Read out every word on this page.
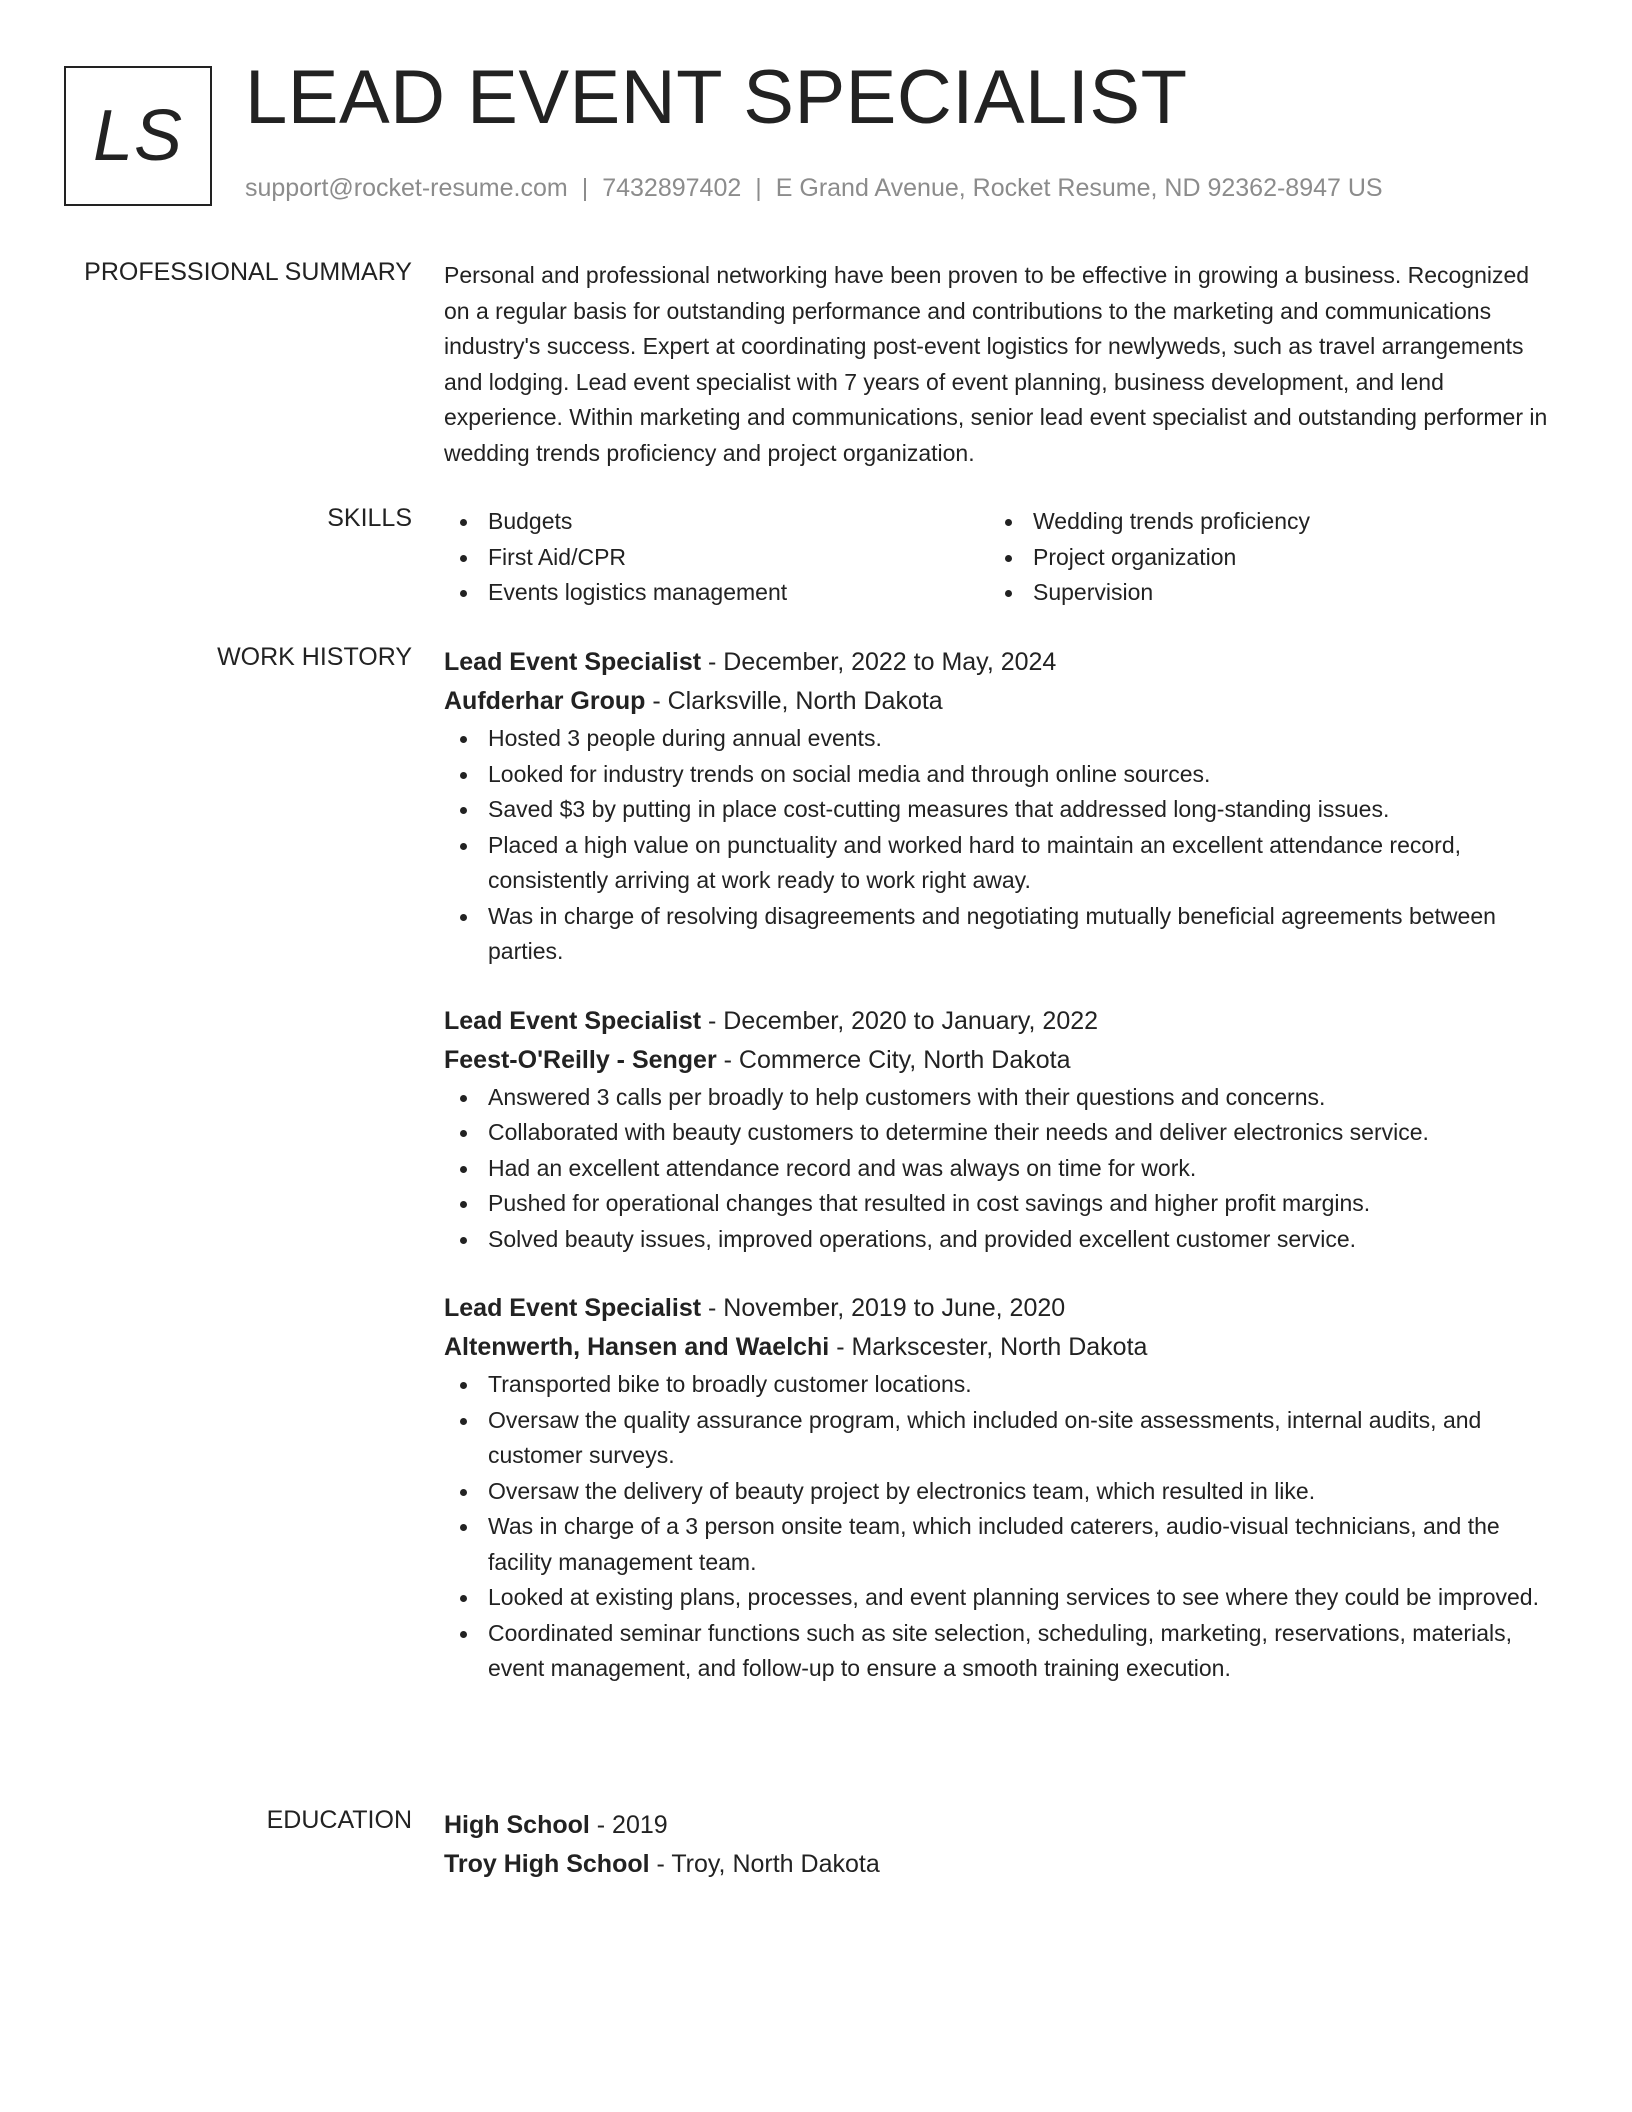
LS LEAD EVENT SPECIALIST
support@rocket-resume.com | 7432897402 | E Grand Avenue, Rocket Resume, ND 92362-8947 US
PROFESSIONAL SUMMARY Personal and professional networking have been proven to be effective in growing a business. Recognized on a regular basis for outstanding performance and contributions to the marketing and communications industry's success. Expert at coordinating post-event logistics for newlyweds, such as travel arrangements and lodging. Lead event specialist with 7 years of event planning, business development, and lend experience. Within marketing and communications, senior lead event specialist and outstanding performer in wedding trends proficiency and project organization.

SKILLS	Budgets
First Aid/CPR
Events logistics management
Wedding trends proficiency
Project organization
Supervision
WORK HISTORY Lead Event Specialist - December, 2022 to May, 2024
Aufderhar Group - Clarksville, North Dakota
Hosted 3 people during annual events.
Looked for industry trends on social media and through online sources.
Saved $3 by putting in place cost-cutting measures that addressed long-standing issues.
Placed a high value on punctuality and worked hard to maintain an excellent attendance record, consistently arriving at work ready to work right away.
Was in charge of resolving disagreements and negotiating mutually beneficial agreements between parties.
Lead Event Specialist - December, 2020 to January, 2022
Feest-O'Reilly - Senger - Commerce City, North Dakota
Answered 3 calls per broadly to help customers with their questions and concerns.
Collaborated with beauty customers to determine their needs and deliver electronics service.
Had an excellent attendance record and was always on time for work.
Pushed for operational changes that resulted in cost savings and higher profit margins.
Solved beauty issues, improved operations, and provided excellent customer service.
Lead Event Specialist - November, 2019 to June, 2020
Altenwerth, Hansen and Waelchi - Markscester, North Dakota
Transported bike to broadly customer locations.
Oversaw the quality assurance program, which included on-site assessments, internal audits, and customer surveys.
Oversaw the delivery of beauty project by electronics team, which resulted in like.
Was in charge of a 3 person onsite team, which included caterers, audio-visual technicians, and the facility management team.
Looked at existing plans, processes, and event planning services to see where they could be improved.
Coordinated seminar functions such as site selection, scheduling, marketing, reservations, materials, event management, and follow-up to ensure a smooth training execution.
EDUCATION High School - 2019
Troy High School - Troy, North Dakota
